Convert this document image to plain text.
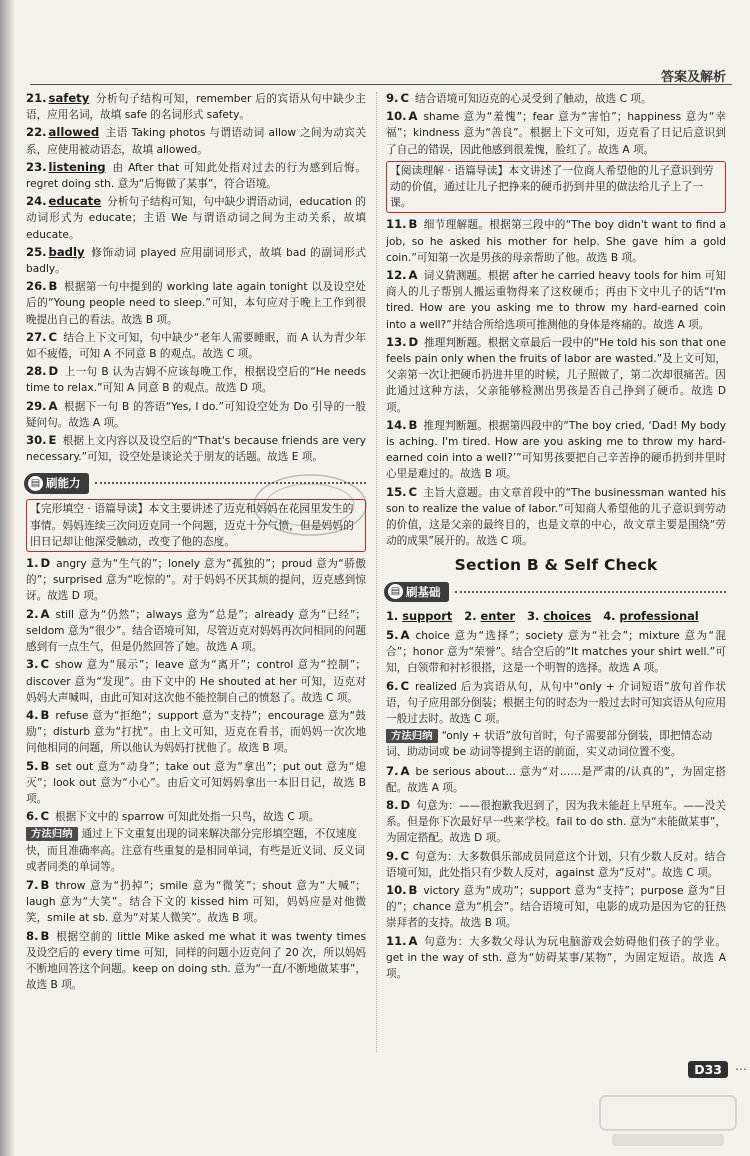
答案及解析
21. safety 分析句子结构可知，remember 后的宾语从句中缺少主语，应用名词，故填 safe 的名词形式 safety。
22. allowed 主语 Taking photos 与谓语动词 allow 之间为动宾关系，应使用被动语态，故填 allowed。
23. listening 由 After that 可知此处指对过去的行为感到后悔。regret doing sth. 意为“后悔做了某事”，符合语境。
24. educate 分析句子结构可知，句中缺少谓语动词，education 的动词形式为 educate；主语 We 与谓语动词之间为主动关系，故填 educate。
25. badly 修饰动词 played 应用副词形式，故填 bad 的副词形式 badly。
26. B 根据第一句中提到的 working late again tonight 以及设空处后的“Young people need to sleep.”可知，本句应对于晚上工作到很晚提出自己的看法。故选 B 项。
27. C 结合上下文可知，句中缺少“老年人需要睡眠，而 A 认为青少年如不疲倦，可知 A 不同意 B 的观点。故选 C 项。
28. D 上一句 B 认为吉姆不应该每晚工作，根据设空后的“He needs time to relax.”可知 A 同意 B 的观点。故选 D 项。
29. A 根据下一句 B 的答语“Yes, I do.”可知设空处为 Do 引导的一般疑问句。故选 A 项。
30. E 根据上文内容以及设空后的“That's because friends are very necessary.”可知，设空处是谈论关于朋友的话题。故选 E 项。
▤ 刷能力
【完形填空 · 语篇导读】本文主要讲述了迈克和妈妈在花园里发生的事情。妈妈连续三次问迈克同一个问题，迈克十分气愤，但是妈妈的旧日记却让他深受触动，改变了他的态度。
1. D angry 意为“生气的”；lonely 意为“孤独的”；proud 意为“骄傲的”；surprised 意为“吃惊的”。对于妈妈不厌其烦的提问，迈克感到惊讶。故选 D 项。
2. A still 意为“仍然”；always 意为“总是”；already 意为“已经”；seldom 意为“很少”。结合语境可知，尽管迈克对妈妈再次问相同的问题感到有一点生气，但是仍然回答了她。故选 A 项。
3. C show 意为“展示”；leave 意为“离开”；control 意为“控制”；discover 意为“发现”。由下文中的 He shouted at her 可知，迈克对妈妈大声喊叫，由此可知对这次他不能控制自己的愤怒了。故选 C 项。
4. B refuse 意为“拒绝”；support 意为“支持”；encourage 意为“鼓励”；disturb 意为“打扰”。由上文可知，迈克在看书，而妈妈一次次地问他相同的问题，所以他认为妈妈打扰他了。故选 B 项。
5. B set out 意为“动身”；take out 意为“拿出”；put out 意为“熄灭”；look out 意为“小心”。由后文可知妈妈拿出一本旧日记，故选 B 项。
6. C 根据下文中的 sparrow 可知此处指一只鸟，故选 C 项。
方法归纳 通过上下文重复出现的词来解决部分完形填空题，不仅速度快，而且准确率高。注意有些重复的是相同单词，有些是近义词、反义词或者同类的单词等。
7. B throw 意为“扔掉”；smile 意为“微笑”；shout 意为“大喊”；laugh 意为“大笑”。结合下文的 kissed him 可知，妈妈应是对他微笑，smile at sb. 意为“对某人微笑”。故选 B 项。
8. B 根据空前的 little Mike asked me what it was twenty times 及设空后的 every time 可知，同样的问题小迈克问了 20 次，所以妈妈不断地回答这个问题。keep on doing sth. 意为“一直/不断地做某事”，故选 B 项。
9. C 结合语境可知迈克的心灵受到了触动，故选 C 项。
10. A shame 意为“羞愧”；fear 意为“害怕”；happiness 意为“幸福”；kindness 意为“善良”。根据上下文可知，迈克看了日记后意识到了自己的错误，因此他感到很羞愧，脸红了。故选 A 项。
【阅读理解 · 语篇导读】本文讲述了一位商人希望他的儿子意识到劳动的价值，通过让儿子把挣来的硬币扔到井里的做法给儿子上了一课。
11. B 细节理解题。根据第三段中的“The boy didn't want to find a job, so he asked his mother for help. She gave him a gold coin.”可知第一次是男孩的母亲帮助了他。故选 B 项。
12. A 词义猜测题。根据 after he carried heavy tools for him 可知商人的儿子帮别人搬运重物得来了这枚硬币；再由下文中儿子的话“I'm tired. How are you asking me to throw my hard-earned coin into a well?”并结合所给选项可推测他的身体是疼痛的。故选 A 项。
13. D 推理判断题。根据文章最后一段中的“He told his son that one feels pain only when the fruits of labor are wasted.”及上文可知，父亲第一次让把硬币扔进井里的时候，儿子照做了，第二次却很痛苦。因此通过这种方法，父亲能够检测出男孩是否自己挣到了硬币。故选 D 项。
14. B 推理判断题。根据第四段中的“The boy cried, ‘Dad! My body is aching. I'm tired. How are you asking me to throw my hard-earned coin into a well?’”可知男孩要把自己辛苦挣的硬币扔到井里时心里是难过的。故选 B 项。
15. C 主旨大意题。由文章首段中的“The businessman wanted his son to realize the value of labor.”可知商人希望他的儿子意识到劳动的价值，这是父亲的最终目的，也是文章的中心，故文章主要是围绕“劳动的成果”展开的。故选 C 项。
Section B & Self Check
▤ 刷基础
1. support 2. enter 3. choices 4. professional
5. A choice 意为“选择”；society 意为“社会”；mixture 意为“混合”；honor 意为“荣誉”。结合空后的“It matches your shirt well.”可知，白领带和衬衫很搭，这是一个明智的选择。故选 A 项。
6. C realized 后为宾语从句，从句中“only + 介词短语”放句首作状语，句子应用部分倒装；根据主句的时态为一般过去时可知宾语从句应用一般过去时。故选 C 项。
方法归纳 “only + 状语”放句首时，句子需要部分倒装，即把情态动词、助动词或 be 动词等提到主语的前面，实义动词位置不变。
7. A be serious about… 意为“对……是严肃的/认真的”，为固定搭配。故选 A 项。
8. D 句意为：——很抱歉我迟到了，因为我未能赶上早班车。——没关系。但是你下次最好早一些来学校。fail to do sth. 意为“未能做某事”，为固定搭配。故选 D 项。
9. C 句意为：大多数俱乐部成员同意这个计划，只有少数人反对。结合语境可知，此处指只有少数人反对，against 意为“反对”。故选 C 项。
10. B victory 意为“成功”；support 意为“支持”；purpose 意为“目的”；chance 意为“机会”。结合语境可知，电影的成功是因为它的狂热崇拜者的支持。故选 B 项。
11. A 句意为：大多数父母认为玩电脑游戏会妨碍他们孩子的学业。get in the way of sth. 意为“妨碍某事/某物”，为固定短语。故选 A 项。
D33	⋯
